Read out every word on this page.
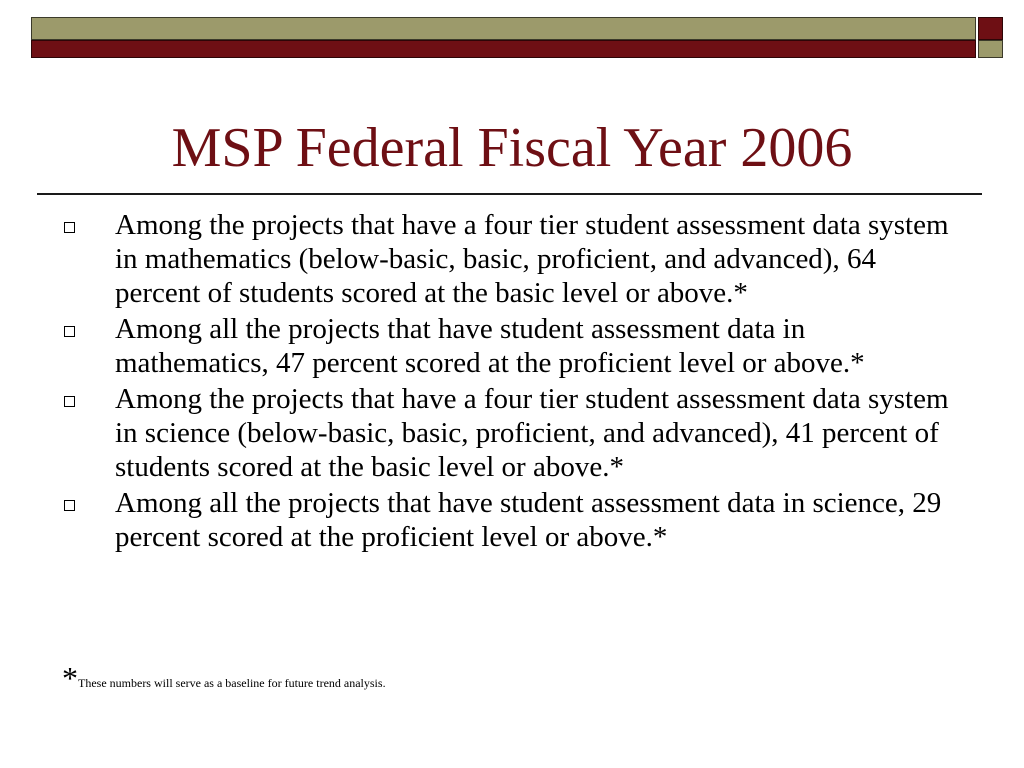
MSP Federal Fiscal Year 2006
Among the projects that have a four tier student assessment data system in mathematics (below-basic, basic, proficient, and advanced), 64 percent of students scored at the basic level or above.*
Among all the projects that have student assessment data in mathematics, 47 percent scored at the proficient level or above.*
Among the projects that have a four tier student assessment data system in science (below-basic, basic, proficient, and advanced), 41 percent of students scored at the basic level or above.*
Among all the projects that have student assessment data in science, 29 percent scored at the proficient level or above.*
*These numbers will serve as a baseline for future trend analysis.
